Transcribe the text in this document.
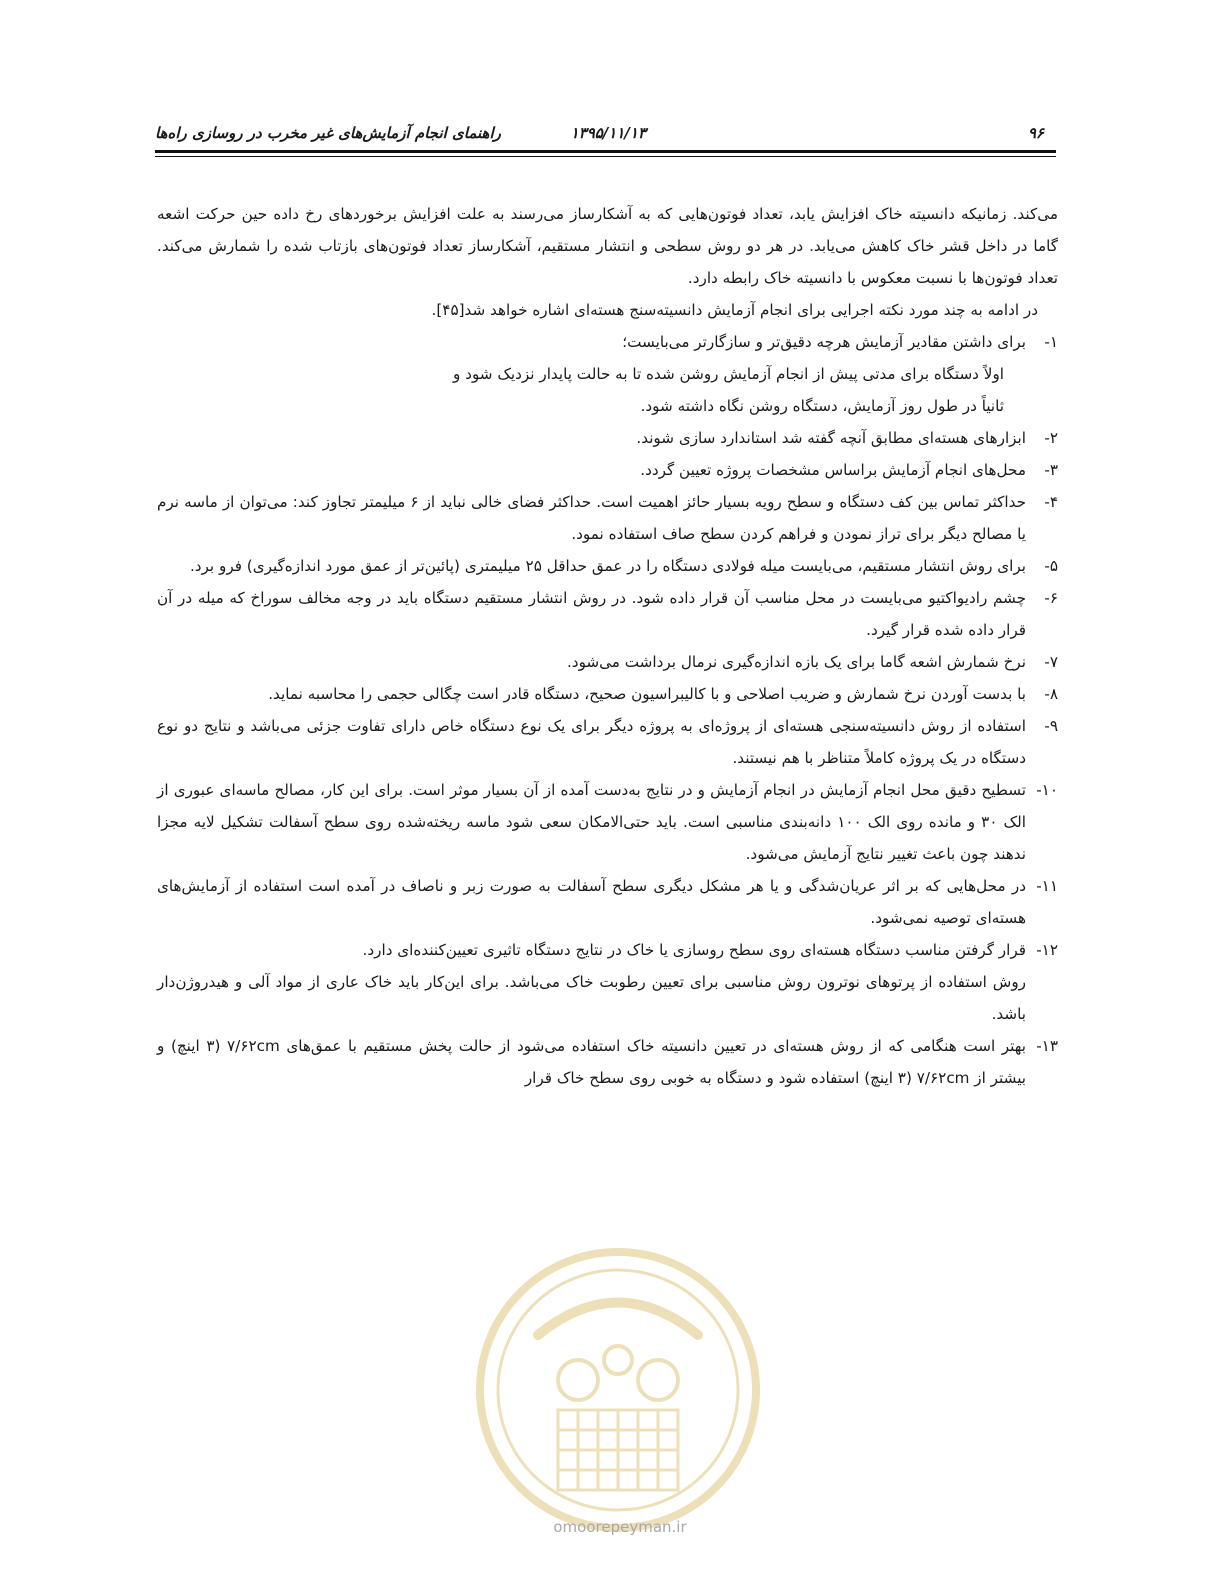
۹۶
۱۳۹۵/۱۱/۱۳
راهنمای انجام آزمایش‌های غیر مخرب در روسازی راه‌ها

می‌کند. زمانیکه دانسیته خاک افزایش یابد، تعداد فوتون‌هایی که به آشکارساز می‌رسند به علت افزایش برخوردهای رخ داده حین حرکت اشعه گاما در داخل قشر خاک کاهش می‌یابد. در هر دو روش سطحی و انتشار مستقیم، آشکارساز تعداد فوتون‌های بازتاب شده را شمارش می‌کند. تعداد فوتون‌ها با نسبت معکوس با دانسیته خاک رابطه دارد.

در ادامه به چند مورد نکته اجرایی برای انجام آزمایش دانسیته‌سنج هسته‌ای اشاره خواهد شد[۴۵].

۱-
برای داشتن مقادیر آزمایش هرچه دقیق‌تر و سازگارتر می‌بایست؛

اولاً دستگاه برای مدتی پیش از انجام آزمایش روشن شده تا به حالت پایدار نزدیک شود و

ثانیاً در طول روز آزمایش، دستگاه روشن نگاه داشته شود.

۲-
ابزارهای هسته‌ای مطابق آنچه گفته شد استاندارد سازی شوند.
۳-
محل‌های انجام آزمایش براساس مشخصات پروژه تعیین گردد.
۴-
حداکثر تماس بین کف دستگاه و سطح رویه بسیار حائز اهمیت است. حداکثر فضای خالی نباید از ۶ میلیمتر تجاوز کند: می‌توان از ماسه نرم یا مصالح دیگر برای تراز نمودن و فراهم کردن سطح صاف استفاده نمود.
۵-
برای روش انتشار مستقیم، می‌بایست میله فولادی دستگاه را در عمق حداقل ۲۵ میلیمتری (پائین‌تر از عمق مورد اندازه‌گیری) فرو برد.
۶-
چشم رادیواکتیو می‌بایست در محل مناسب آن قرار داده شود. در روش انتشار مستقیم دستگاه باید در وجه مخالف سوراخ که میله در آن قرار داده شده قرار گیرد.
۷-
نرخ شمارش اشعه گاما برای یک بازه اندازه‌گیری نرمال برداشت می‌شود.
۸-
با بدست آوردن نرخ شمارش و ضریب اصلاحی و با کالیبراسیون صحیح، دستگاه قادر است چگالی حجمی را محاسبه نماید.
۹-
استفاده از روش دانسیته‌سنجی هسته‌ای از پروژه‌ای به پروژه دیگر برای یک نوع دستگاه خاص دارای تفاوت جزئی می‌باشد و نتایج دو نوع دستگاه در یک پروژه کاملاً متناظر با هم نیستند.
۱۰-
تسطیح دقیق محل انجام آزمایش در انجام آزمایش و در نتایج به‌دست آمده از آن بسیار موثر است. برای این کار، مصالح ماسه‌ای عبوری از الک ۳۰ و مانده روی الک ۱۰۰ دانه‌بندی مناسبی است. باید حتی‌الامکان سعی شود ماسه ریخته‌شده روی سطح آسفالت تشکیل لایه مجزا ندهند چون باعث تغییر نتایج آزمایش می‌شود.
۱۱-
در محل‌هایی که بر اثر عریان‌شدگی و یا هر مشکل دیگری سطح آسفالت به صورت زبر و ناصاف در آمده است استفاده از آزمایش‌های هسته‌ای توصیه نمی‌شود.
۱۲-
قرار گرفتن مناسب دستگاه هسته‌ای روی سطح روسازی یا خاک در نتایج دستگاه تاثیری تعیین‌کننده‌ای دارد.

روش استفاده از پرتوهای نوترون روش مناسبی برای تعیین رطوبت خاک می‌باشد. برای این‌کار باید خاک عاری از مواد آلی و هیدروژن‌دار باشد.

۱۳-
بهتر است هنگامی که از روش هسته‌ای در تعیین دانسیته خاک استفاده می‌شود از حالت پخش مستقیم با عمق‌های ۷/۶۲cm (۳ اینچ) و بیشتر از ۷/۶۲cm (۳ اینچ) استفاده شود و دستگاه به خوبی روی سطح خاک قرار
omoorepeyman.ir
